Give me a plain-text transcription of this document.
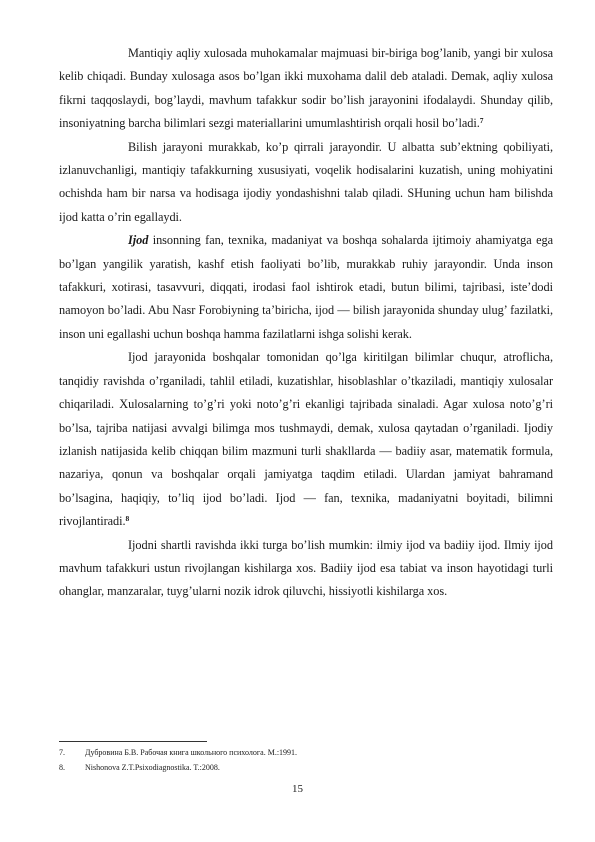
Mantiqiy aqliy xulosada muhokamalar majmuasi bir-biriga bog’lanib, yangi bir xulosa kelib chiqadi. Bunday xulosaga asos bo’lgan ikki muxohama dalil deb ataladi. Demak, aqliy xulosa fikrni taqqoslaydi, bog’laydi, mavhum tafakkur sodir bo’lish jarayonini ifodalaydi. Shunday qilib, insoniyatning barcha bilimlari sezgi materiallarini umumlashtirish orqali hosil bo’ladi.$^7$

Bilish jarayoni murakkab, ko’p qirrali jarayondir. U albatta sub’ektning qobiliyati, izlanuvchanligi, mantiqiy tafakkurning xususiyati, voqelik hodisalarini kuzatish, uning mohiyatini ochishda ham bir narsa va hodisaga ijodiy yondashishni talab qiladi. SHuning uchun ham bilishda ijod katta o’rin egallaydi.

Ijod insonning fan, texnika, madaniyat va boshqa sohalarda ijtimoiy ahamiyatga ega bo’lgan yangilik yaratish, kashf etish faoliyati bo’lib, murakkab ruhiy jarayondir. Unda inson tafakkuri, xotirasi, tasavvuri, diqqati, irodasi faol ishtirok etadi, butun bilimi, tajribasi, iste’dodi namoyon bo’ladi. Abu Nasr Forobiyning ta’biricha, ijod — bilish jarayonida shunday ulug’ fazilatki, inson uni egallashi uchun boshqa hamma fazilatlarni ishga solishi kerak.

Ijod jarayonida boshqalar tomonidan qo’lga kiritilgan bilimlar chuqur, atroflicha, tanqidiy ravishda o’rganiladi, tahlil etiladi, kuzatishlar, hisoblashlar o’tkaziladi, mantiqiy xulosalar chiqariladi. Xulosalarning to’g’ri yoki noto’g’ri ekanligi tajribada sinaladi. Agar xulosa noto’g’ri bo’lsa, tajriba natijasi avvalgi bilimga mos tushmaydi, demak, xulosa qaytadan o’rganiladi. Ijodiy izlanish natijasida kelib chiqqan bilim mazmuni turli shakllarda — badiiy asar, matematik formula, nazariya, qonun va boshqalar orqali jamiyatga taqdim etiladi. Ulardan jamiyat bahramand bo’lsagina, haqiqiy, to’liq ijod bo’ladi. Ijod — fan, texnika, madaniyatni boyitadi, bilimni rivojlantiradi.$^8$

Ijodni shartli ravishda ikki turga bo’lish mumkin: ilmiy ijod va badiiy ijod. Ilmiy ijod mavhum tafakkuri ustun rivojlangan kishilarga xos. Badiiy ijod esa tabiat va inson hayotidagi turli ohanglar, manzaralar, tuyg’ularni nozik idrok qiluvchi, hissiyotli kishilarga xos.

7.	Дубровина Б.В. Рабочая книга школьного психолога. М.:1991.

8.	Nishonova Z.T.Psixodiagnostika. T.:2008.

15
